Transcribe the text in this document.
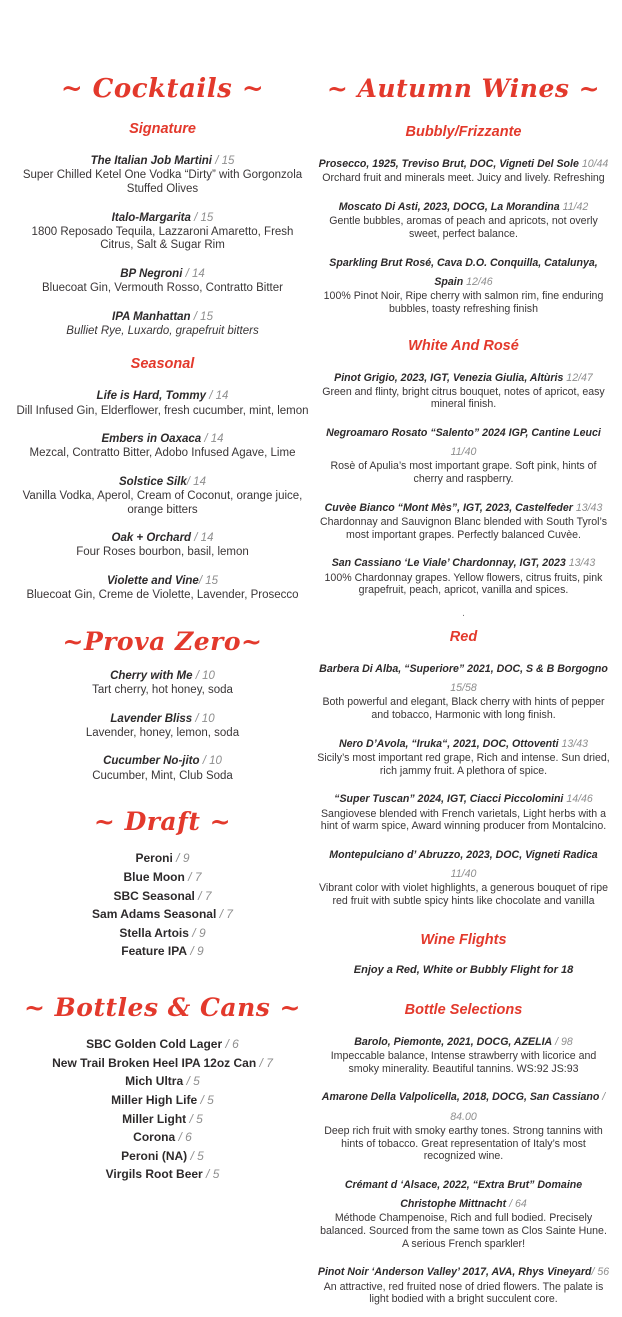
~ Cocktails ~
Signature
The Italian Job Martini / 15
Super Chilled Ketel One Vodka “Dirty” with Gorgonzola Stuffed Olives
Italo-Margarita / 15
1800 Reposado Tequila, Lazzaroni Amaretto, Fresh Citrus, Salt & Sugar Rim
BP Negroni / 14
Bluecoat Gin, Vermouth Rosso, Contratto Bitter
IPA Manhattan / 15
Bulliet Rye, Luxardo, grapefruit bitters
Seasonal
Life is Hard, Tommy / 14
Dill Infused Gin, Elderflower, fresh cucumber, mint, lemon
Embers in Oaxaca / 14
Mezcal, Contratto Bitter, Adobo Infused Agave, Lime
Solstice Silk/ 14
Vanilla Vodka, Aperol, Cream of Coconut, orange juice, orange bitters
Oak + Orchard / 14
Four Roses bourbon, basil, lemon
Violette and Vine/ 15
Bluecoat Gin, Creme de Violette, Lavender, Prosecco
~Prova Zero~
Cherry with Me / 10
Tart cherry, hot honey, soda
Lavender Bliss / 10
Lavender, honey, lemon, soda
Cucumber No-jito / 10
Cucumber, Mint, Club Soda
~ Draft ~
Peroni / 9
Blue Moon / 7
SBC Seasonal / 7
Sam Adams Seasonal / 7
Stella Artois / 9
Feature IPA / 9
~ Bottles & Cans ~
SBC Golden Cold Lager / 6
New Trail Broken Heel IPA 12oz Can / 7
Mich Ultra / 5
Miller High Life / 5
Miller Light / 5
Corona / 6
Peroni (NA) / 5
Virgils Root Beer / 5
~ Autumn Wines ~
Bubbly/Frizzante
Prosecco, 1925, Treviso Brut, DOC, Vigneti Del Sole 10/44
Orchard fruit and minerals meet. Juicy and lively. Refreshing
Moscato Di Asti, 2023, DOCG, La Morandina 11/42
Gentle bubbles, aromas of peach and apricots, not overly sweet, perfect balance.
Sparkling Brut Rosé, Cava D.O. Conquilla, Catalunya, Spain 12/46
100% Pinot Noir, Ripe cherry with salmon rim, fine enduring bubbles, toasty refreshing finish
White And Rosé
Pinot Grigio, 2023, IGT, Venezia Giulia, Altùris 12/47
Green and flinty, bright citrus bouquet, notes of apricot, easy mineral finish.
Negroamaro Rosato “Salento” 2024 IGP, Cantine Leuci 11/40
Rosè of Apulia’s most important grape. Soft pink, hints of cherry and raspberry.
Cuvèe Bianco “Mont Mès”, IGT, 2023, Castelfeder 13/43
Chardonnay and Sauvignon Blanc blended with South Tyrol’s most important grapes. Perfectly balanced Cuvèe.
San Cassiano ‘Le Viale’ Chardonnay, IGT, 2023 13/43
100% Chardonnay grapes. Yellow flowers, citrus fruits, pink grapefruit, peach, apricot, vanilla and spices.
.
Red
Barbera Di Alba, “Superiore” 2021, DOC, S & B Borgogno 15/58
Both powerful and elegant, Black cherry with hints of pepper and tobacco, Harmonic with long finish.
Nero D’Avola, “Iruka“, 2021, DOC, Ottoventi 13/43
Sicily’s most important red grape, Rich and intense. Sun dried, rich jammy fruit. A plethora of spice.
“Super Tuscan” 2024, IGT, Ciacci Piccolomini 14/46
Sangiovese blended with French varietals, Light herbs with a hint of warm spice, Award winning producer from Montalcino.
Montepulciano d’ Abruzzo, 2023, DOC, Vigneti Radica 11/40
Vibrant color with violet highlights, a generous bouquet of ripe red fruit with subtle spicy hints like chocolate and vanilla
Wine Flights
Enjoy a Red, White or Bubbly Flight for 18
Bottle Selections
Barolo, Piemonte, 2021, DOCG, AZELIA / 98
Impeccable balance, Intense strawberry with licorice and smoky minerality. Beautiful tannins. WS:92 JS:93
Amarone Della Valpolicella, 2018, DOCG, San Cassiano / 84.00
Deep rich fruit with smoky earthy tones. Strong tannins with hints of tobacco. Great representation of Italy’s most recognized wine.
Crémant d ‘Alsace, 2022, “Extra Brut” Domaine Christophe Mittnacht / 64
Méthode Champenoise, Rich and full bodied. Precisely balanced. Sourced from the same town as Clos Sainte Hune. A serious French sparkler!
Pinot Noir ‘Anderson Valley’ 2017, AVA, Rhys Vineyard/ 56
An attractive, red fruited nose of dried flowers. The palate is light bodied with a bright succulent core.
